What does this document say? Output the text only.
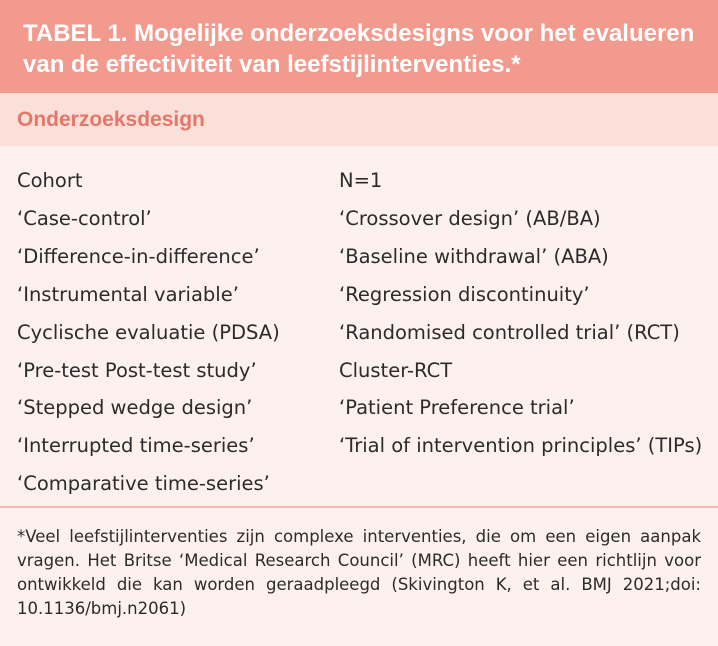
TABEL 1. Mogelijke onderzoeksdesigns voor het evalueren van de effectiviteit van leefstijlinterventies.*
Onderzoeksdesign
Cohort
‘Case-control’
‘Difference-in-difference’
‘Instrumental variable’
Cyclische evaluatie (PDSA)
‘Pre-test Post-test study’
‘Stepped wedge design’
‘Interrupted time-series’
‘Comparative time-series’
N=1
‘Crossover design’ (AB/BA)
‘Baseline withdrawal’ (ABA)
‘Regression discontinuity’
‘Randomised controlled trial’ (RCT)
Cluster-RCT
‘Patient Preference trial’
‘Trial of intervention principles’ (TIPs)
*Veel leefstijlinterventies zijn complexe interventies, die om een eigen aanpak vragen. Het Britse ‘Medical Research Council’ (MRC) heeft hier een richtlijn voor ontwikkeld die kan worden geraadpleegd (Skivington K, et al. BMJ 2021;doi: 10.1136/bmj.n2061)
